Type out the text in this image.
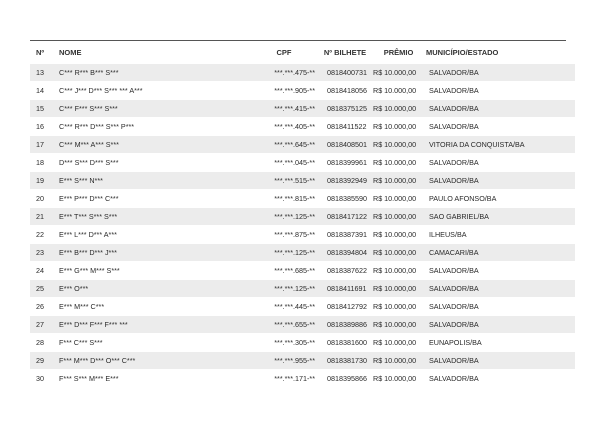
Nº	NOME	CPF	Nº BILHETE	PRÊMIO	MUNICÍPIO/ESTADO
13	C*** R*** B*** S***	***.***.475-**	0818400731	R$ 10.000,00	SALVADOR/BA
14	C*** J*** D*** S*** *** A***	***.***.905-**	0818418056	R$ 10.000,00	SALVADOR/BA
15	C*** F*** S*** S***	***.***.415-**	0818375125	R$ 10.000,00	SALVADOR/BA
16	C*** R*** D*** S*** P***	***.***.405-**	0818411522	R$ 10.000,00	SALVADOR/BA
17	C*** M*** A*** S***	***.***.645-**	0818408501	R$ 10.000,00	VITORIA DA CONQUISTA/BA
18	D*** S*** D*** S***	***.***.045-**	0818399961	R$ 10.000,00	SALVADOR/BA
19	E*** S*** N***	***.***.515-**	0818392949	R$ 10.000,00	SALVADOR/BA
20	E*** P*** D*** C***	***.***.815-**	0818385590	R$ 10.000,00	PAULO AFONSO/BA
21	E*** T*** S*** S***	***.***.125-**	0818417122	R$ 10.000,00	SAO GABRIEL/BA
22	E*** L*** D*** A***	***.***.875-**	0818387391	R$ 10.000,00	ILHEUS/BA
23	E*** B*** D*** J***	***.***.125-**	0818394804	R$ 10.000,00	CAMACARI/BA
24	E*** G*** M*** S***	***.***.685-**	0818387622	R$ 10.000,00	SALVADOR/BA
25	E*** O***	***.***.125-**	0818411691	R$ 10.000,00	SALVADOR/BA
26	E*** M*** C***	***.***.445-**	0818412792	R$ 10.000,00	SALVADOR/BA
27	E*** D*** F*** F*** ***	***.***.655-**	0818389886	R$ 10.000,00	SALVADOR/BA
28	F*** C*** S***	***.***.305-**	0818381600	R$ 10.000,00	EUNAPOLIS/BA
29	F*** M*** D*** O*** C***	***.***.955-**	0818381730	R$ 10.000,00	SALVADOR/BA
30	F*** S*** M*** E***	***.***.171-**	0818395866	R$ 10.000,00	SALVADOR/BA
